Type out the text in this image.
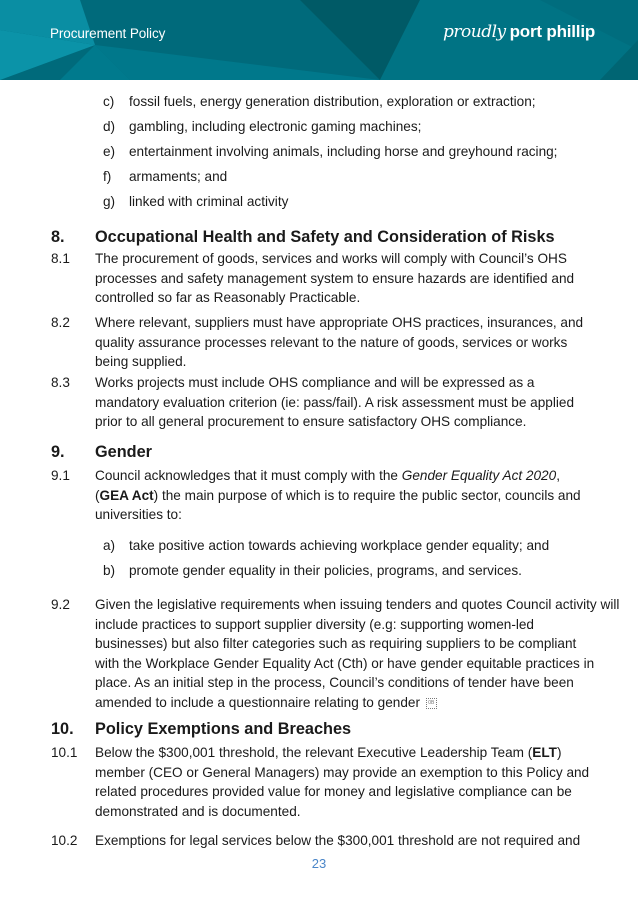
Procurement Policy	proudly port phillip
c) fossil fuels, energy generation distribution, exploration or extraction;
d) gambling, including electronic gaming machines;
e) entertainment involving animals, including horse and greyhound racing;
f) armaments; and
g) linked with criminal activity
8. Occupational Health and Safety and Consideration of Risks
8.1 The procurement of goods, services and works will comply with Council’s OHS
processes and safety management system to ensure hazards are identified and
controlled so far as Reasonably Practicable.
8.2 Where relevant, suppliers must have appropriate OHS practices, insurances, and
quality assurance processes relevant to the nature of goods, services or works
being supplied.
8.3 Works projects must include OHS compliance and will be expressed as a
mandatory evaluation criterion (ie: pass/fail). A risk assessment must be applied
prior to all general procurement to ensure satisfactory OHS compliance.
9. Gender
9.1 Council acknowledges that it must comply with the Gender Equality Act 2020,
(GEA Act) the main purpose of which is to require the public sector, councils and
universities to:
a) take positive action towards achieving workplace gender equality; and
b) promote gender equality in their policies, programs, and services.
9.2 Given the legislative requirements when issuing tenders and quotes Council activity will
include practices to support supplier diversity (e.g: supporting women-led
businesses) but also filter categories such as requiring suppliers to be compliant
with the Workplace Gender Equality Act (Cth) or have gender equitable practices in
place. As an initial step in the process, Council’s conditions of tender have been
amended to include a questionnaire relating to gender 0B
10. Policy Exemptions and Breaches
10.1 Below the $300,001 threshold, the relevant Executive Leadership Team (ELT)
member (CEO or General Managers) may provide an exemption to this Policy and
related procedures provided value for money and legislative compliance can be
demonstrated and is documented.
10.2 Exemptions for legal services below the $300,001 threshold are not required and
23
